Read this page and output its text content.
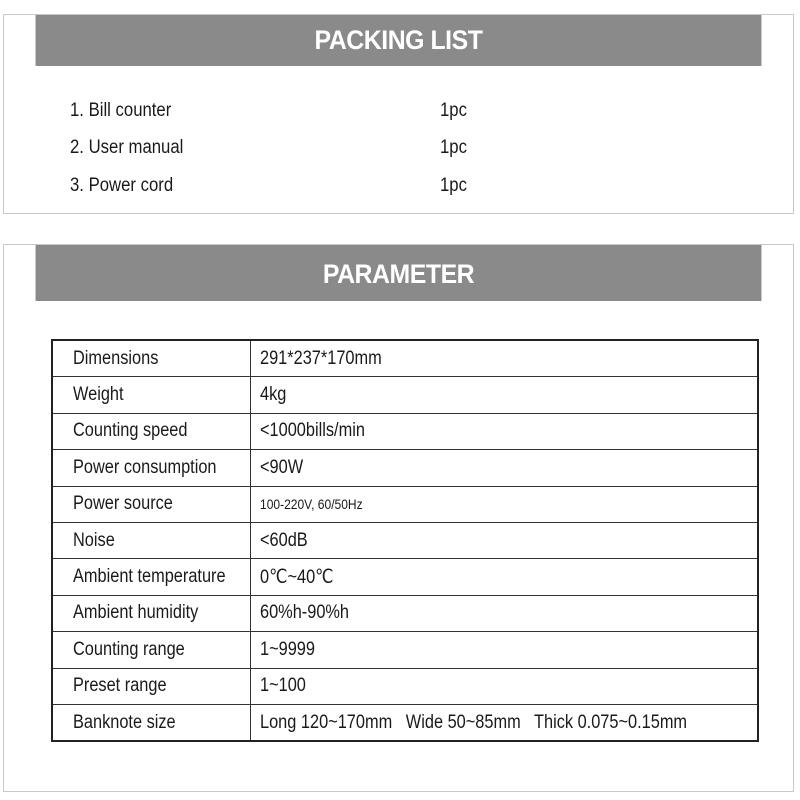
PACKING LIST
1. Bill counter	1pc
2. User manual	1pc
3. Power cord	1pc
PARAMETER
Dimensions	291*237*170mm
Weight	4kg
Counting speed	<1000bills/min
Power consumption	<90W
Power source	100-220V, 60/50Hz
Noise	<60dB
Ambient temperature	0℃~40℃
Ambient humidity	60%h-90%h
Counting range	1~9999
Preset range	1~100
Banknote size	Long 120~170mm   Wide 50~85mm   Thick 0.075~0.15mm
